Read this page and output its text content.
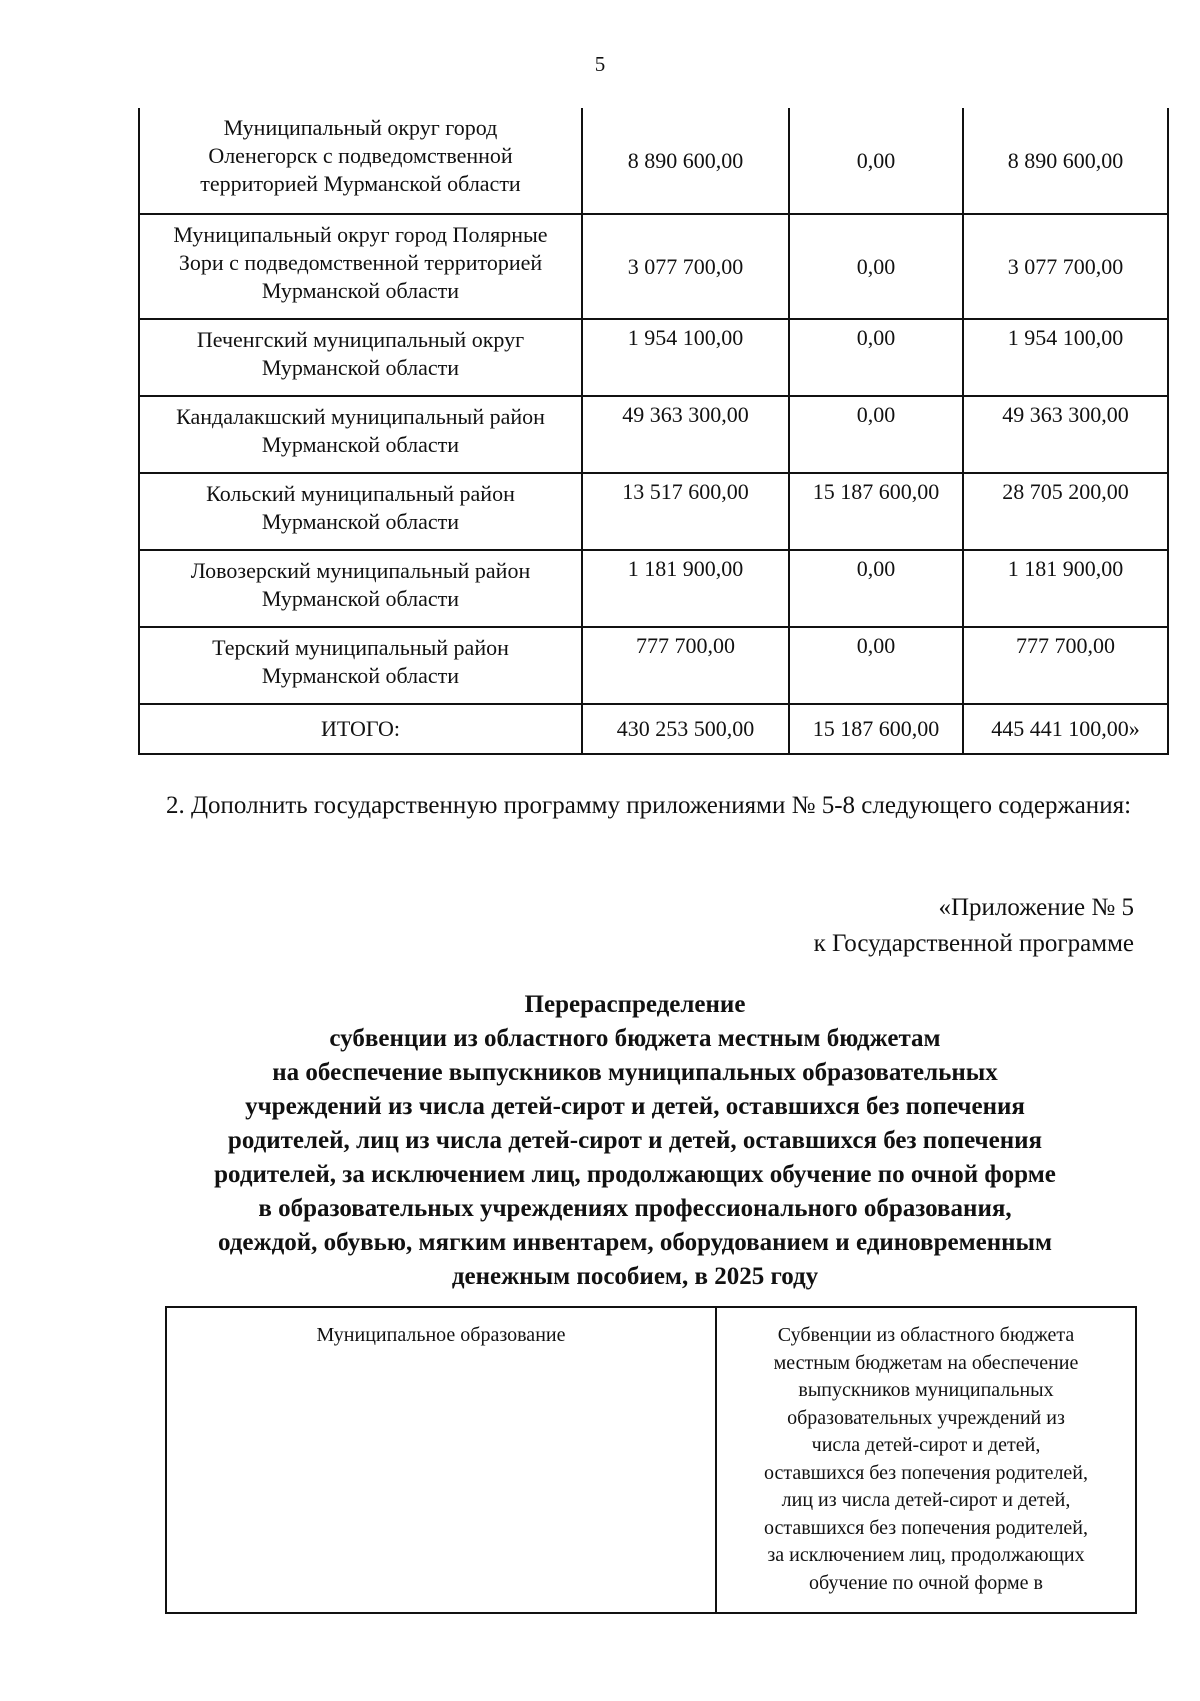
5
Муниципальный округ город
Оленегорск с подведомственной
территорией Мурманской области	8 890 600,00	0,00	8 890 600,00

Муниципальный округ город Полярные
Зори с подведомственной территорией
Мурманской области	3 077 700,00	0,00	3 077 700,00

Печенгский муниципальный округ
Мурманской области	1 954 100,00	0,00	1 954 100,00

Кандалакшский муниципальный район
Мурманской области	49 363 300,00	0,00	49 363 300,00

Кольский муниципальный район
Мурманской области	13 517 600,00	15 187 600,00	28 705 200,00

Ловозерский муниципальный район
Мурманской области	1 181 900,00	0,00	1 181 900,00

Терский муниципальный район
Мурманской области	777 700,00	0,00	777 700,00
ИТОГО:	430 253 500,00	15 187 600,00	445 441 100,00»
2. Дополнить государственную программу приложениями № 5-8 следующего содержания:
«Приложение № 5
к Государственной программе
Перераспределение
субвенции из областного бюджета местным бюджетам
на обеспечение выпускников муниципальных образовательных
учреждений из числа детей-сирот и детей, оставшихся без попечения
родителей, лиц из числа детей-сирот и детей, оставшихся без попечения
родителей, за исключением лиц, продолжающих обучение по очной форме
в образовательных учреждениях профессионального образования,
одеждой, обувью, мягким инвентарем, оборудованием и единовременным
денежным пособием, в 2025 году
Муниципальное образование	Субвенции из областного бюджета
местным бюджетам на обеспечение
выпускников муниципальных
образовательных учреждений из
числа детей-сирот и детей,
оставшихся без попечения родителей,
лиц из числа детей-сирот и детей,
оставшихся без попечения родителей,
за исключением лиц, продолжающих
обучение по очной форме в
